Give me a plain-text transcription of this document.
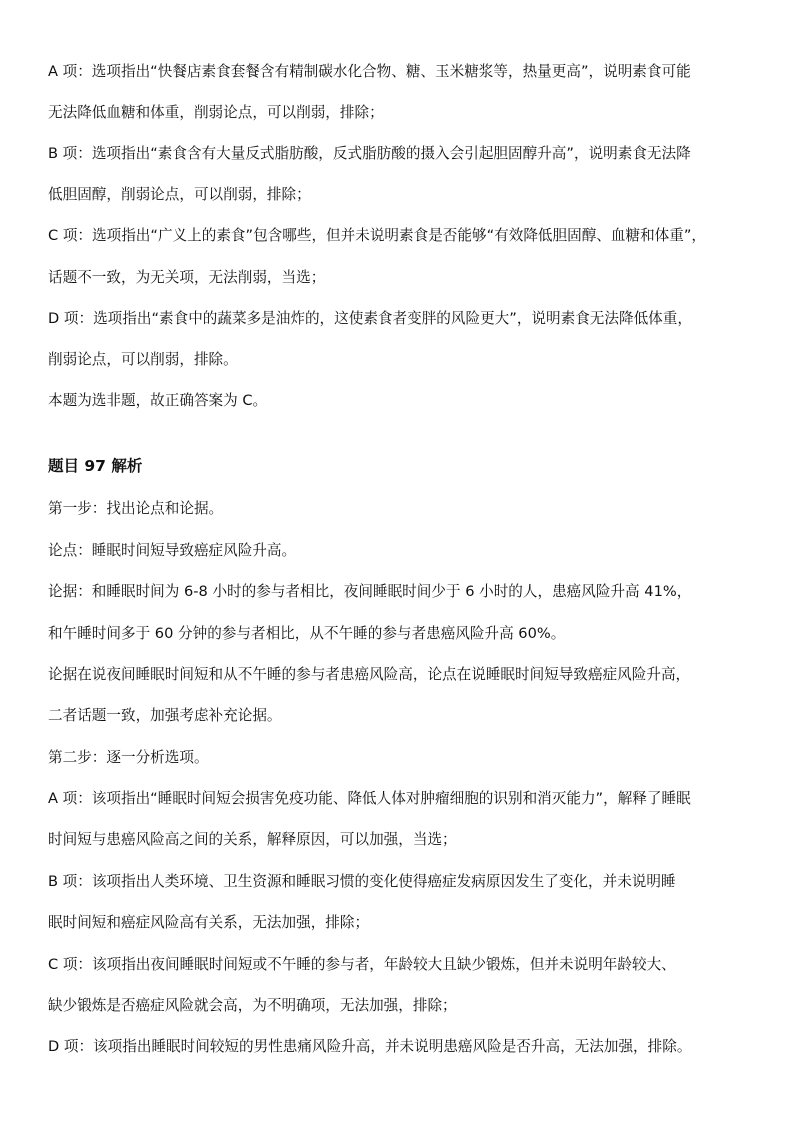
A 项：选项指出“快餐店素食套餐含有精制碳水化合物、糖、玉米糖浆等，热量更高”，说明素食可能
无法降低血糖和体重，削弱论点，可以削弱，排除；
B 项：选项指出“素食含有大量反式脂肪酸，反式脂肪酸的摄入会引起胆固醇升高”，说明素食无法降
低胆固醇，削弱论点，可以削弱，排除；
C 项：选项指出“广义上的素食”包含哪些，但并未说明素食是否能够“有效降低胆固醇、血糖和体重”，
话题不一致，为无关项，无法削弱，当选；
D 项：选项指出“素食中的蔬菜多是油炸的，这使素食者变胖的风险更大”，说明素食无法降低体重，
削弱论点，可以削弱，排除。
本题为选非题，故正确答案为 C。
题目 97 解析
第一步：找出论点和论据。
论点：睡眠时间短导致癌症风险升高。
论据：和睡眠时间为 6-8 小时的参与者相比，夜间睡眠时间少于 6 小时的人，患癌风险升高 41%，
和午睡时间多于 60 分钟的参与者相比，从不午睡的参与者患癌风险升高 60%。
论据在说夜间睡眠时间短和从不午睡的参与者患癌风险高，论点在说睡眠时间短导致癌症风险升高，
二者话题一致，加强考虑补充论据。
第二步：逐一分析选项。
A 项：该项指出“睡眠时间短会损害免疫功能、降低人体对肿瘤细胞的识别和消灭能力”，解释了睡眠
时间短与患癌风险高之间的关系，解释原因，可以加强，当选；
B 项：该项指出人类环境、卫生资源和睡眠习惯的变化使得癌症发病原因发生了变化，并未说明睡
眠时间短和癌症风险高有关系，无法加强，排除；
C 项：该项指出夜间睡眠时间短或不午睡的参与者，年龄较大且缺少锻炼，但并未说明年龄较大、
缺少锻炼是否癌症风险就会高，为不明确项，无法加强，排除；
D 项：该项指出睡眠时间较短的男性患痛风险升高，并未说明患癌风险是否升高，无法加强，排除。
